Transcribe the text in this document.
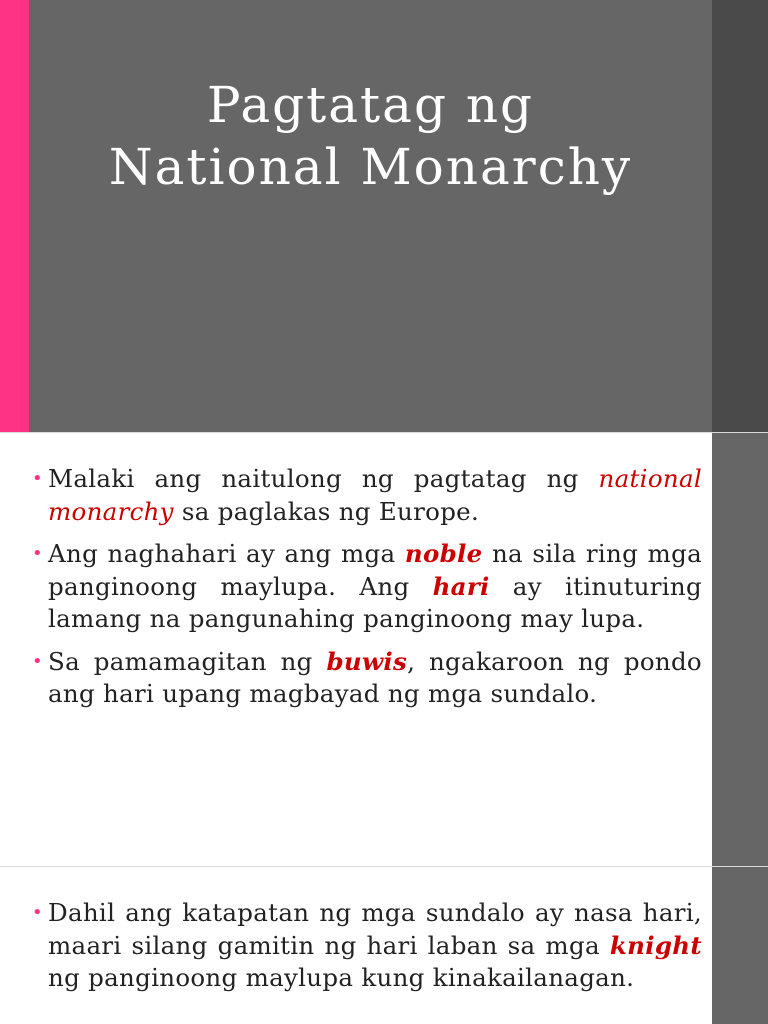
Pagtatag ng
National Monarchy
• Malaki ang naitulong ng pagtatag ng national monarchy sa paglakas ng Europe.
• Ang naghahari ay ang mga noble na sila ring mga panginoong maylupa. Ang hari ay itinuturing lamang na pangunahing panginoong may lupa.
• Sa pamamagitan ng buwis, ngakaroon ng pondo ang hari upang magbayad ng mga sundalo.
• Dahil ang katapatan ng mga sundalo ay nasa hari, maari silang gamitin ng hari laban sa mga knight ng panginoong maylupa kung kinakailanagan.
